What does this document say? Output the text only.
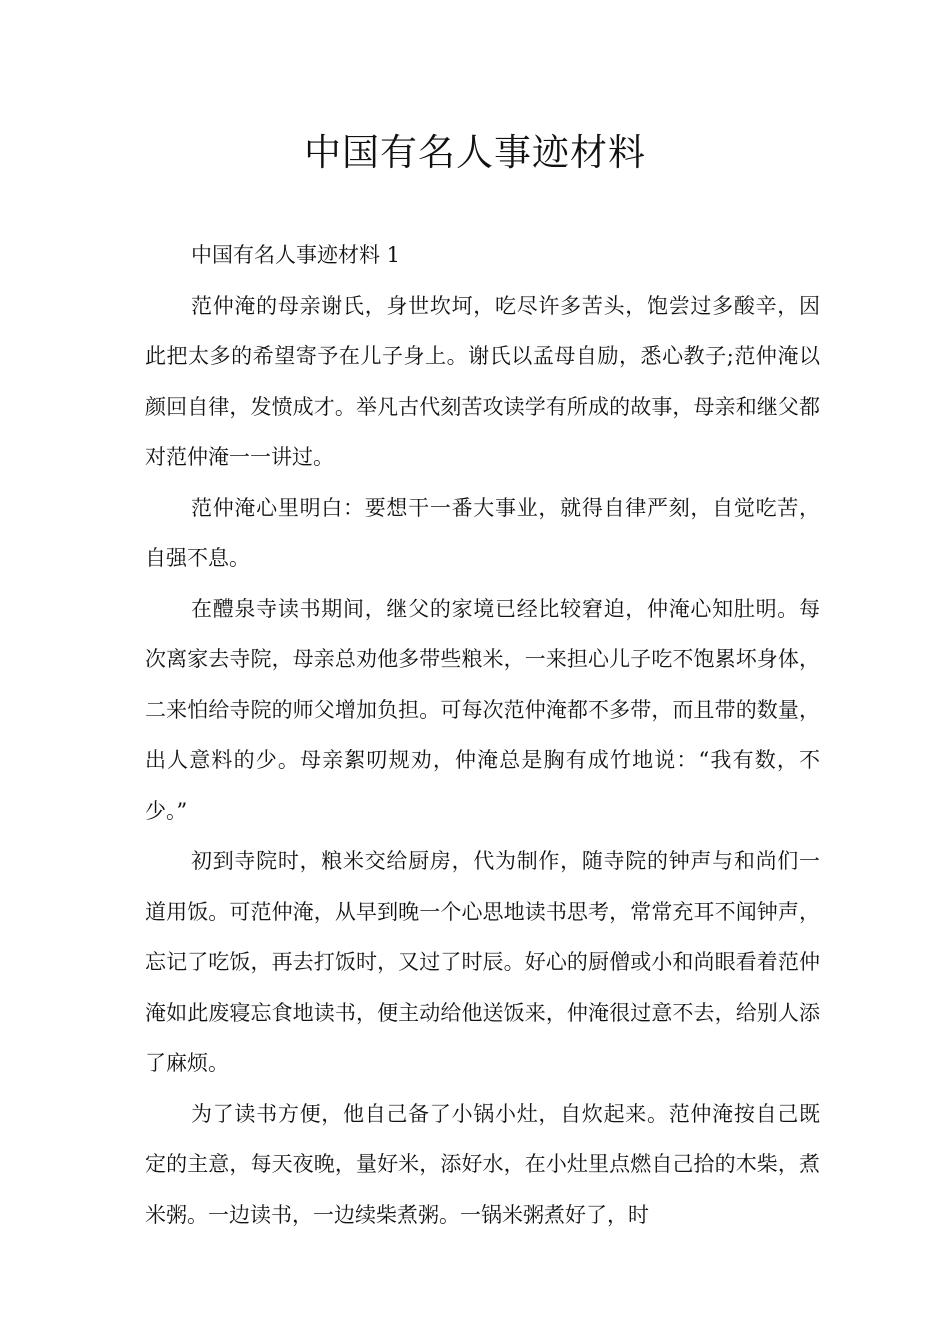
中国有名人事迹材料

中国有名人事迹材料 1

范仲淹的母亲谢氏，身世坎坷，吃尽许多苦头，饱尝过多酸辛，因此把太多的希望寄予在儿子身上。谢氏以孟母自励，悉心教子;范仲淹以颜回自律，发愤成才。举凡古代刻苦攻读学有所成的故事，母亲和继父都对范仲淹一一讲过。

范仲淹心里明白：要想干一番大事业，就得自律严刻，自觉吃苦，自强不息。

在醴泉寺读书期间，继父的家境已经比较窘迫，仲淹心知肚明。每次离家去寺院，母亲总劝他多带些粮米，一来担心儿子吃不饱累坏身体，二来怕给寺院的师父增加负担。可每次范仲淹都不多带，而且带的数量，出人意料的少。母亲絮叨规劝，仲淹总是胸有成竹地说：“我有数，不少。”

初到寺院时，粮米交给厨房，代为制作，随寺院的钟声与和尚们一道用饭。可范仲淹，从早到晚一个心思地读书思考，常常充耳不闻钟声，忘记了吃饭，再去打饭时，又过了时辰。好心的厨僧或小和尚眼看着范仲淹如此废寝忘食地读书，便主动给他送饭来，仲淹很过意不去，给别人添了麻烦。

为了读书方便，他自己备了小锅小灶，自炊起来。范仲淹按自己既定的主意，每天夜晚，量好米，添好水，在小灶里点燃自己拾的木柴，煮米粥。一边读书，一边续柴煮粥。一锅米粥煮好了，时
